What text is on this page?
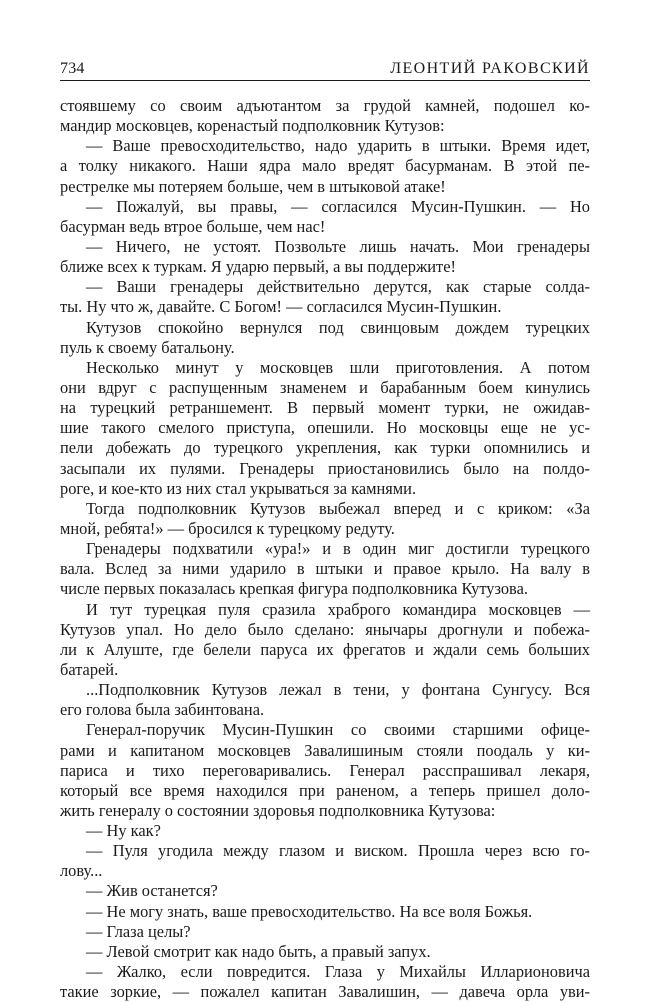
734	ЛЕОНТИЙ РАКОВСКИЙ
стоявшему со своим адъютантом за грудой камней, подошел ко-
мандир московцев, коренастый подполковник Кутузов:
— Ваше превосходительство, надо ударить в штыки. Время идет,
а толку никакого. Наши ядра мало вредят басурманам. В этой пе-
рестрелке мы потеряем больше, чем в штыковой атаке!
— Пожалуй, вы правы, — согласился Мусин-Пушкин. — Но
басурман ведь втрое больше, чем нас!
— Ничего, не устоят. Позвольте лишь начать. Мои гренадеры
ближе всех к туркам. Я ударю первый, а вы поддержите!
— Ваши гренадеры действительно дерутся, как старые солда-
ты. Ну что ж, давайте. С Богом! — согласился Мусин-Пушкин.
Кутузов спокойно вернулся под свинцовым дождем турецких
пуль к своему батальону.
Несколько минут у московцев шли приготовления. А потом
они вдруг с распущенным знаменем и барабанным боем кинулись
на турецкий ретраншемент. В первый момент турки, не ожидав-
шие такого смелого приступа, опешили. Но московцы еще не ус-
пели добежать до турецкого укрепления, как турки опомнились и
засыпали их пулями. Гренадеры приостановились было на полдо-
роге, и кое-кто из них стал укрываться за камнями.
Тогда подполковник Кутузов выбежал вперед и с криком: «За
мной, ребята!» — бросился к турецкому редуту.
Гренадеры подхватили «ура!» и в один миг достигли турецкого
вала. Вслед за ними ударило в штыки и правое крыло. На валу в
числе первых показалась крепкая фигура подполковника Кутузова.
И тут турецкая пуля сразила храброго командира московцев —
Кутузов упал. Но дело было сделано: янычары дрогнули и побежа-
ли к Алуште, где белели паруса их фрегатов и ждали семь больших
батарей.
...Подполковник Кутузов лежал в тени, у фонтана Сунгусу. Вся
его голова была забинтована.
Генерал-поручик Мусин-Пушкин со своими старшими офице-
рами и капитаном московцев Завалишиным стояли поодаль у ки-
париса и тихо переговаривались. Генерал расспрашивал лекаря,
который все время находился при раненом, а теперь пришел доло-
жить генералу о состоянии здоровья подполковника Кутузова:
— Ну как?
— Пуля угодила между глазом и виском. Прошла через всю го-
лову...
— Жив останется?
— Не могу знать, ваше превосходительство. На все воля Божья.
— Глаза целы?
— Левой смотрит как надо быть, а правый запух.
— Жалко, если повредится. Глаза у Михайлы Илларионовича
такие зоркие, — пожалел капитан Завалишин, — давеча орла уви-
